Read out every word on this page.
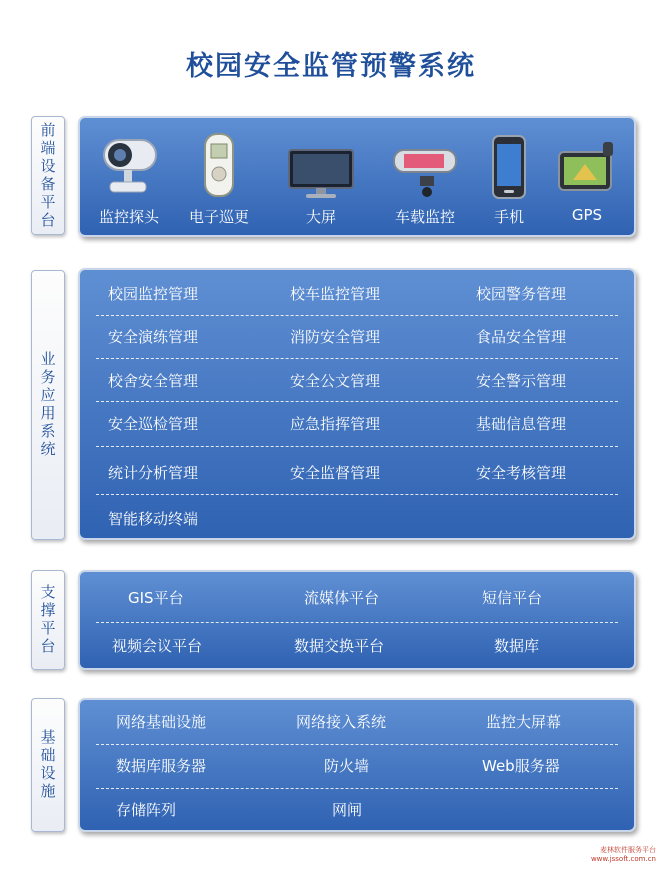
校园安全监管预警系统
前端设备平台	监控探头	电子巡更	大屏	车载监控	手机	GPS
业务应用系统
校园监控管理	校车监控管理	校园警务管理
安全演练管理	消防安全管理	食品安全管理
校舍安全管理	安全公文管理	安全警示管理
安全巡检管理	应急指挥管理	基础信息管理
统计分析管理	安全监督管理	安全考核管理
智能移动终端
支撑平台	GIS平台	流媒体平台	短信平台
视频会议平台	数据交换平台	数据库
基础设施
网络基础设施	网络接入系统	监控大屏幕
数据库服务器	防火墙	Web服务器
存储阵列	网闸
麦林软件服务平台
www.jssoft.com.cn
